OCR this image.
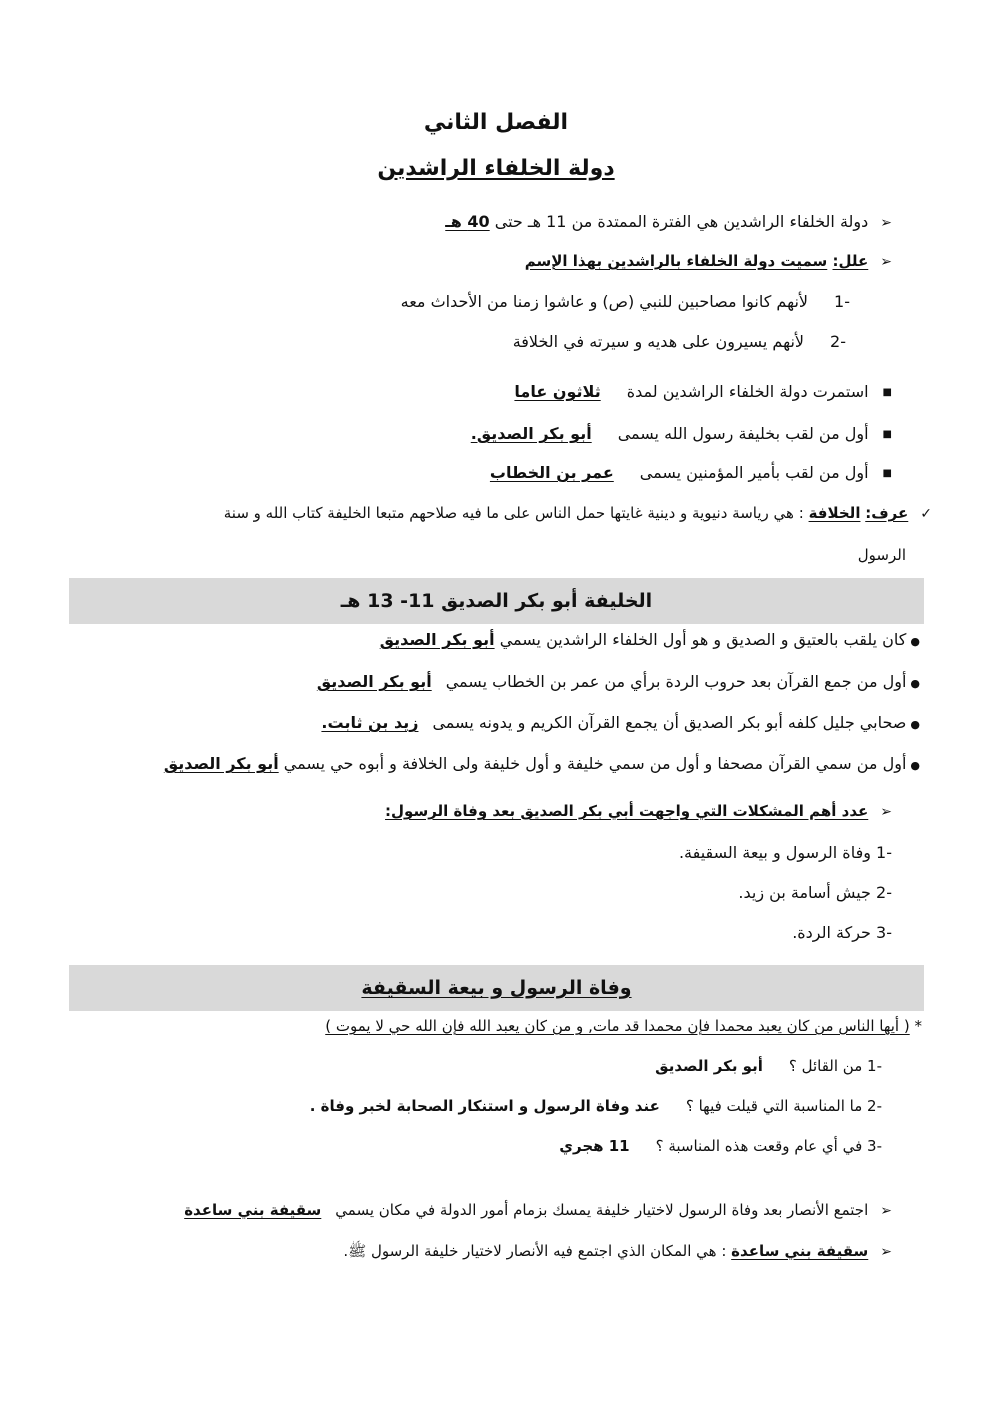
الفصل الثاني
دولة الخلفاء الراشدين
➢دولة الخلفاء الراشدين هي الفترة الممتدة من 11 هـ حتى 40 هـ
➢علل: سميت دولة الخلفاء بالراشدين بهذا الإسم
-1لأنهم كانوا مصاحبين للنبي (ص) و عاشوا زمنا من الأحداث معه
-2لأنهم يسيرون على هديه و سيرته في الخلافة
■استمرت دولة الخلفاء الراشدين لمدةثلاثون عاما
■أول من لقب بخليفة رسول الله يسمىأبو بكر الصديق.
■أول من لقب بأمير المؤمنين يسمىعمر بن الخطاب
✓عرف: الخلافة : هي رياسة دنيوية و دينية غايتها حمل الناس على ما فيه صلاحهم متبعا الخليفة كتاب الله و سنة
الرسول
الخليفة أبو بكر الصديق 11- 13 هـ
●كان يلقب بالعتيق و الصديق و هو أول الخلفاء الراشدين يسمي أبو بكر الصديق
●أول من جمع القرآن بعد حروب الردة برأي من عمر بن الخطاب يسميأبو بكر الصديق
●صحابي جليل كلفه أبو بكر الصديق أن يجمع القرآن الكريم و يدونه يسمىزيد بن ثابت.
●أول من سمي القرآن مصحفا و أول من سمي خليفة و أول خليفة ولى الخلافة و أبوه حي يسمي أبو بكر الصديق
➢عدد أهم المشكلات التي واجهت أبي بكر الصديق بعد وفاة الرسول:
-1 وفاة الرسول و بيعة السقيفة.
-2 جيش أسامة بن زيد.
-3 حركة الردة.
وفاة الرسول و بيعة السقيفة
* ( أيها الناس من كان يعبد محمدا فإن محمدا قد مات, و من كان يعبد الله فإن الله حي لا يموت )
-1 من القائل ؟أبو بكر الصديق
-2 ما المناسبة التي قيلت فيها ؟عند وفاة الرسول و استنكار الصحابة لخبر وفاة .
-3 في أي عام وقعت هذه المناسبة ؟11 هجري
➢اجتمع الأنصار بعد وفاة الرسول لاختيار خليفة يمسك بزمام أمور الدولة في مكان يسميسقيفة بني ساعدة
➢سقيفة بني ساعدة : هي المكان الذي اجتمع فيه الأنصار لاختيار خليفة الرسول ﷺ.
